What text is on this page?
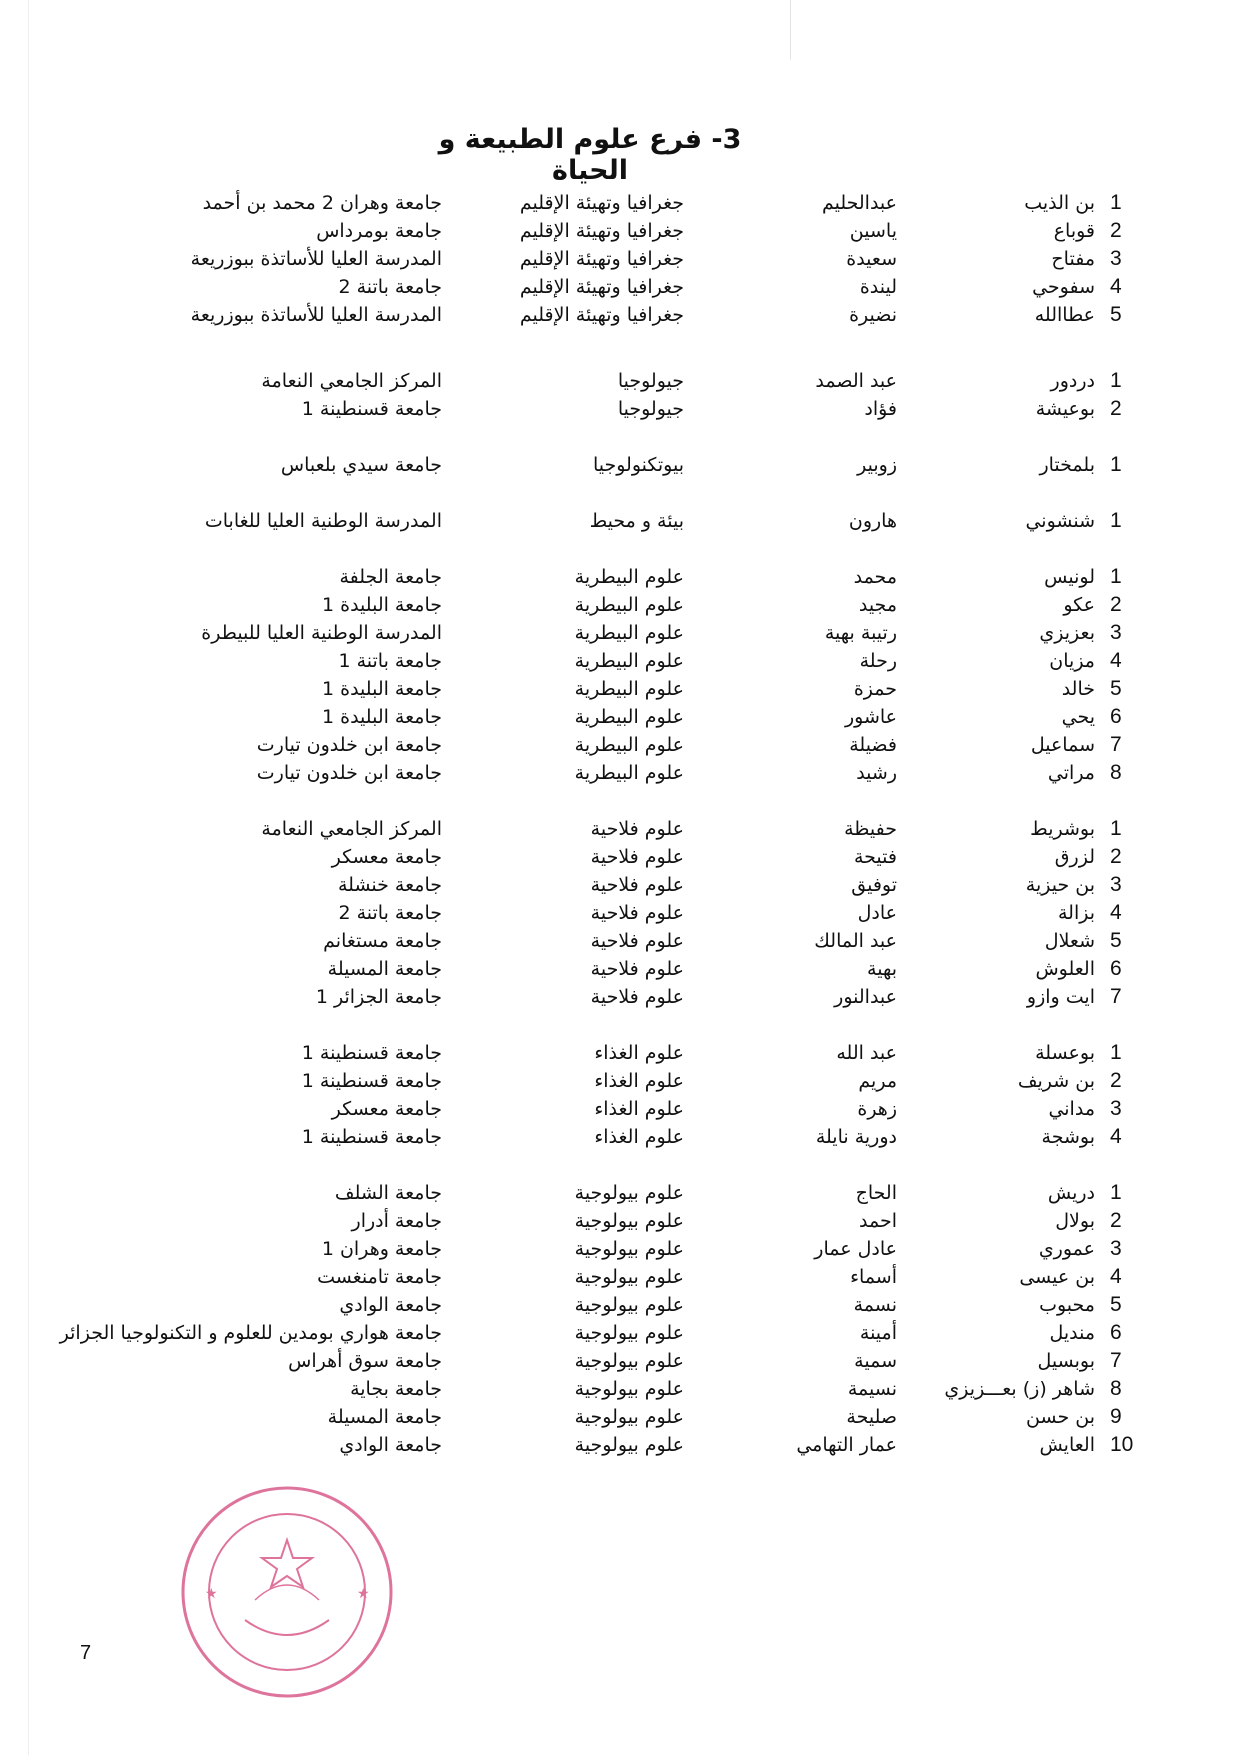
3- فرع علوم الطبيعة و الحياة
1
بن الذيب
عبدالحليم
جغرافيا وتهيئة الإقليم
جامعة وهران 2 محمد بن أحمد
2
قوباع
ياسين
جغرافيا وتهيئة الإقليم
جامعة بومرداس
3
مفتاح
سعيدة
جغرافيا وتهيئة الإقليم
المدرسة العليا للأساتذة ببوزريعة
4
سفوحي
ليندة
جغرافيا وتهيئة الإقليم
جامعة باتنة 2
5
عطاالله
نضيرة
جغرافيا وتهيئة الإقليم
المدرسة العليا للأساتذة ببوزريعة
1
دردور
عبد الصمد
جيولوجيا
المركز الجامعي النعامة
2
بوعيشة
فؤاد
جيولوجيا
جامعة قسنطينة 1
1
بلمختار
زوبير
بيوتكنولوجيا
جامعة سيدي بلعباس
1
شنشوني
هارون
بيئة و محيط
المدرسة الوطنية العليا للغابات
1
لونيس
محمد
علوم البيطرية
جامعة الجلفة
2
عكو
مجيد
علوم البيطرية
جامعة البليدة 1
3
بعزيزي
رتيبة بهية
علوم البيطرية
المدرسة الوطنية العليا للبيطرة
4
مزيان
رحلة
علوم البيطرية
جامعة باتنة 1
5
خالد
حمزة
علوم البيطرية
جامعة البليدة 1
6
يحي
عاشور
علوم البيطرية
جامعة البليدة 1
7
سماعيل
فضيلة
علوم البيطرية
جامعة ابن خلدون تيارت
8
مراتي
رشيد
علوم البيطرية
جامعة ابن خلدون تيارت
1
بوشريط
حفيظة
علوم فلاحية
المركز الجامعي النعامة
2
لزرق
فتيحة
علوم فلاحية
جامعة معسكر
3
بن حيزية
توفيق
علوم فلاحية
جامعة خنشلة
4
بزالة
عادل
علوم فلاحية
جامعة باتنة 2
5
شعلال
عبد المالك
علوم فلاحية
جامعة مستغانم
6
العلوش
بهية
علوم فلاحية
جامعة المسيلة
7
ايت وازو
عبدالنور
علوم فلاحية
جامعة الجزائر 1
1
بوعسلة
عبد الله
علوم الغذاء
جامعة قسنطينة 1
2
بن شريف
مريم
علوم الغذاء
جامعة قسنطينة 1
3
مداني
زهرة
علوم الغذاء
جامعة معسكر
4
بوشجة
دورية نايلة
علوم الغذاء
جامعة قسنطينة 1
1
دريش
الحاج
علوم بيولوجية
جامعة الشلف
2
بولال
احمد
علوم بيولوجية
جامعة أدرار
3
عموري
عادل عمار
علوم بيولوجية
جامعة وهران 1
4
بن عيسى
أسماء
علوم بيولوجية
جامعة تامنغست
5
محبوب
نسمة
علوم بيولوجية
جامعة الوادي
6
منديل
أمينة
علوم بيولوجية
جامعة هواري بومدين للعلوم و التكنولوجيا الجزائر
7
بوبسيل
سمية
علوم بيولوجية
جامعة سوق أهراس
8
شاهر (ز) بعـــزيزي
نسيمة
علوم بيولوجية
جامعة بجاية
9
بن حسن
صليحة
علوم بيولوجية
جامعة المسيلة
10
العايش
عمار التهامي
علوم بيولوجية
جامعة الوادي
★	★
7
